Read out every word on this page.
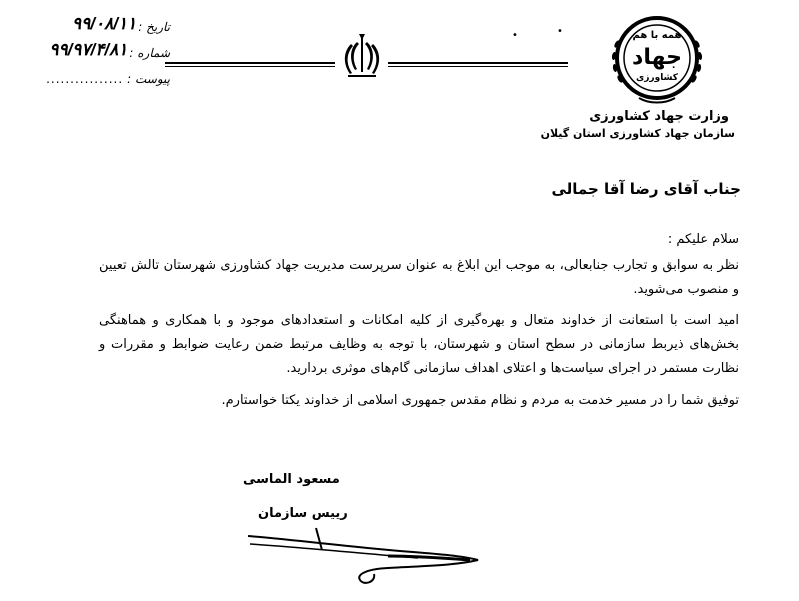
تاریخ :
۹۹/۰۸/۱۱
شماره :
۹۹/۹۷/۴/۸۱
پیوست :
................
•	•	همه با هم
جهاد
کشاورزی
وزارت جهاد کشاورزی
سازمان جهاد کشاورزی استان گیلان
جناب آقای رضا آقا جمالی
سلام علیکم :
نظر به سوابق و تجارب جنابعالی، به موجب این ابلاغ به عنوان سرپرست مدیریت جهاد کشاورزی شهرستان تالش تعیین و منصوب می‌شوید.
امید است با استعانت از خداوند متعال و بهره‌گیری از کلیه امکانات و استعدادهای موجود و با همکاری و هماهنگی بخش‌های ذیربط سازمانی در سطح استان و شهرستان، با توجه به وظایف مرتبط ضمن رعایت ضوابط و مقررات و نظارت مستمر در اجرای سیاست‌ها و اعتلای اهداف سازمانی گام‌های موثری بردارید.
توفیق شما را در مسیر خدمت به مردم و نظام مقدس جمهوری اسلامی از خداوند یکتا خواستارم.
مسعود الماسی
رییس سازمان
